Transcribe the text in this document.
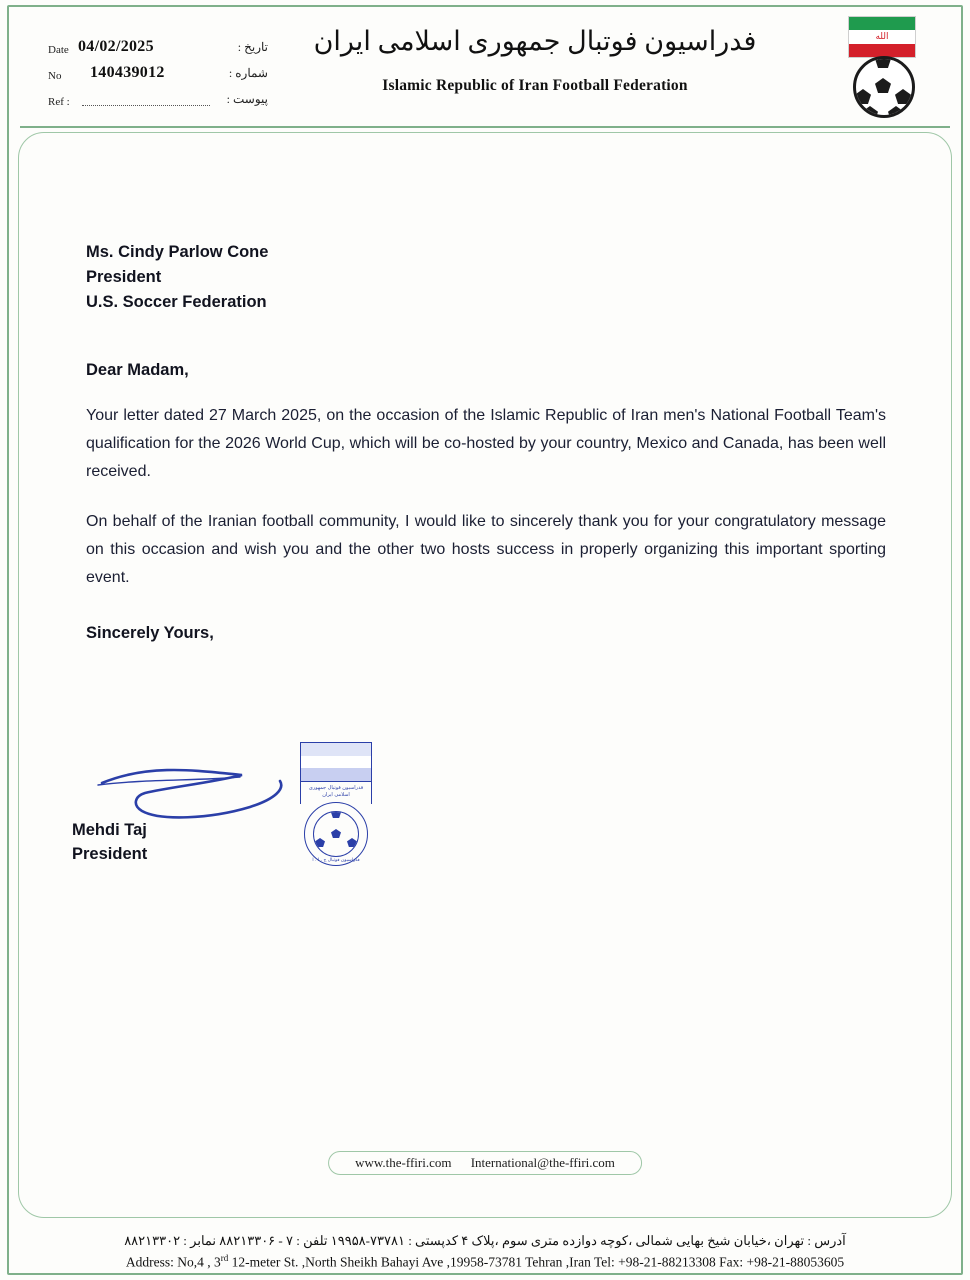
Date 04/02/2025	تاریخ :
No 140439012	شماره :
Ref :	پیوست :
فدراسیون فوتبال جمهوری اسلامی ایران
Islamic Republic of Iran Football Federation
الله
Ms. Cindy Parlow Cone
President
U.S. Soccer Federation
Dear Madam,
Your letter dated 27 March 2025, on the occasion of the Islamic Republic of Iran men's National Football Team's qualification for the 2026 World Cup, which will be co-hosted by your country, Mexico and Canada, has been well received.
On behalf of the Iranian football community, I would like to sincerely thank you for your congratulatory message on this occasion and wish you and the other two hosts success in properly organizing this important sporting event.
Sincerely Yours,
Mehdi Taj
President
فدراسیون فوتبال جمهوری اسلامی ایران
فدراسیون فوتبال ج . ا . ا
www.the-ffiri.com International@the-ffiri.com
آدرس : تهران ،خیابان شیخ بهایی شمالی ،کوچه دوازده متری سوم ،پلاک ۴ کدپستی : ۷۳۷۸۱-۱۹۹۵۸ تلفن : ۷ - ۸۸۲۱۳۳۰۶ نمابر : ۸۸۲۱۳۳۰۲
Address: No,4 , 3rd 12-meter St. ,North Sheikh Bahayi Ave ,19958-73781 Tehran ,Iran Tel: +98-21-88213308 Fax: +98-21-88053605
